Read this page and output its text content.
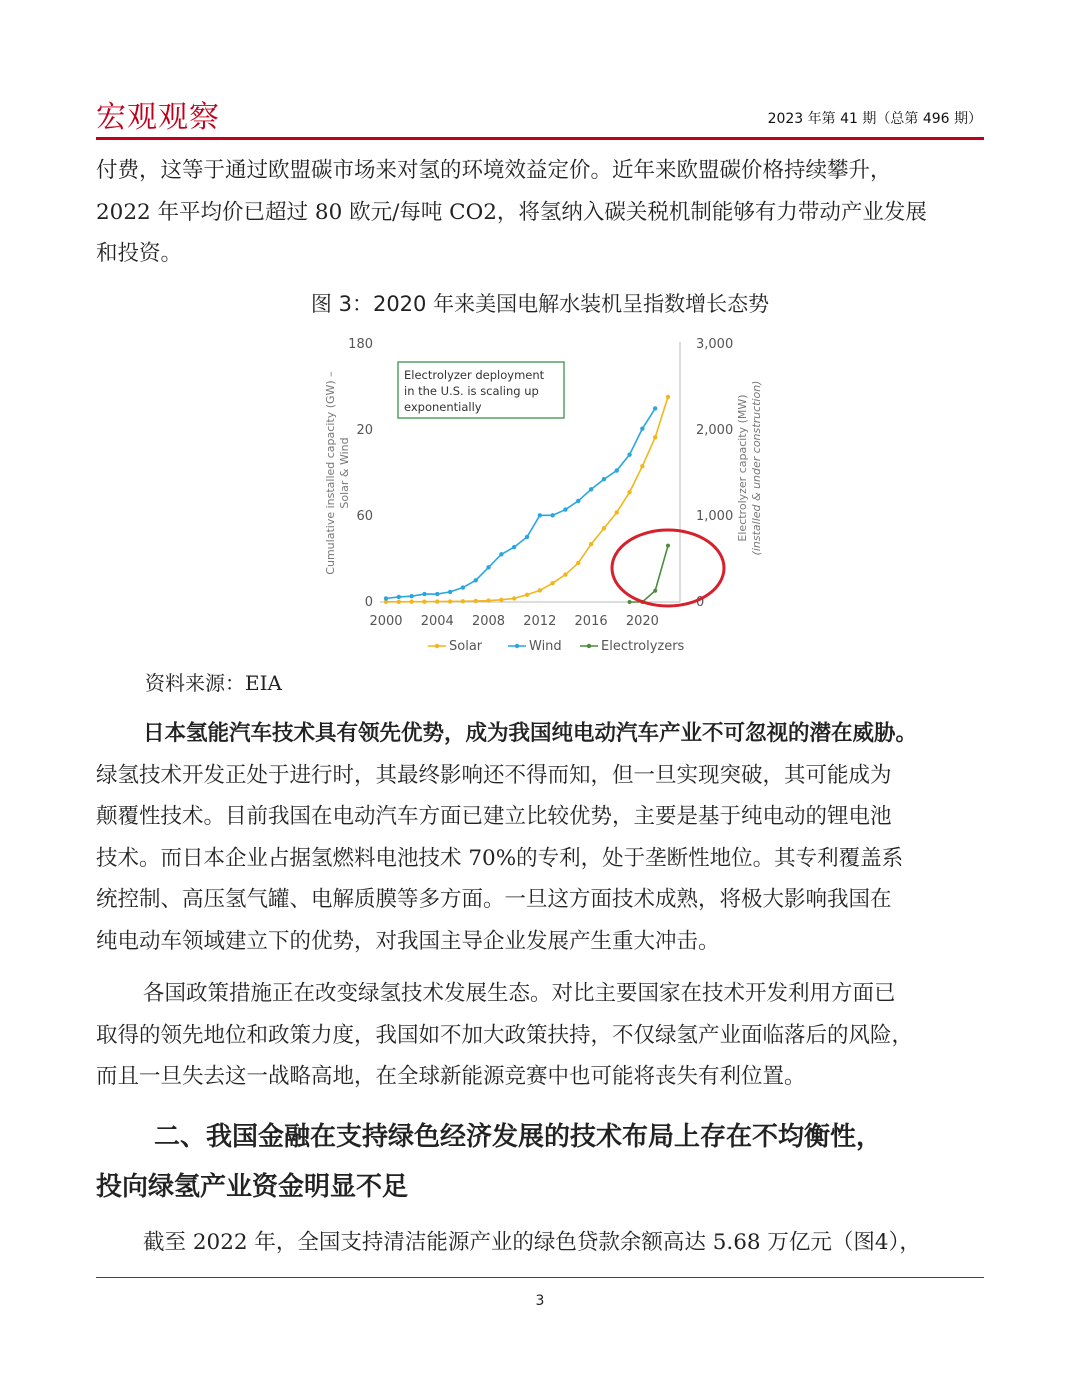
宏观观察	2023 年第 41 期（总第 496 期）

付费，这等于通过欧盟碳市场来对氢的环境效益定价。近年来欧盟碳价格持续攀升，
2022 年平均价已超过 80 欧元/每吨 CO2，将氢纳入碳关税机制能够有力带动产业发展
和投资。

图 3：2020 年来美国电解水装机呈指数增长态势
180
20
60
0
3,000
2,000
1,000
0
2000 2004 2008 2012 2016 2020
Cumulative installed capacity (GW) – Solar & Wind	Electrolyzer capacity (MW) (installed & under construction)
Electrolyzer deployment
in the U.S. is scaling up
exponentially
Solar	Wind	Electrolyzers
资料来源：EIA

日本氢能汽车技术具有领先优势，成为我国纯电动汽车产业不可忽视的潜在威胁。
绿氢技术开发正处于进行时，其最终影响还不得而知，但一旦实现突破，其可能成为
颠覆性技术。目前我国在电动汽车方面已建立比较优势，主要是基于纯电动的锂电池
技术。而日本企业占据氢燃料电池技术 70%的专利，处于垄断性地位。其专利覆盖系
统控制、高压氢气罐、电解质膜等多方面。一旦这方面技术成熟，将极大影响我国在
纯电动车领域建立下的优势，对我国主导企业发展产生重大冲击。

各国政策措施正在改变绿氢技术发展生态。对比主要国家在技术开发利用方面已
取得的领先地位和政策力度，我国如不加大政策扶持，不仅绿氢产业面临落后的风险，
而且一旦失去这一战略高地，在全球新能源竞赛中也可能将丧失有利位置。

二、我国金融在支持绿色经济发展的技术布局上存在不均衡性，
投向绿氢产业资金明显不足

截至 2022 年，全国支持清洁能源产业的绿色贷款余额高达 5.68 万亿元（图4），

3
